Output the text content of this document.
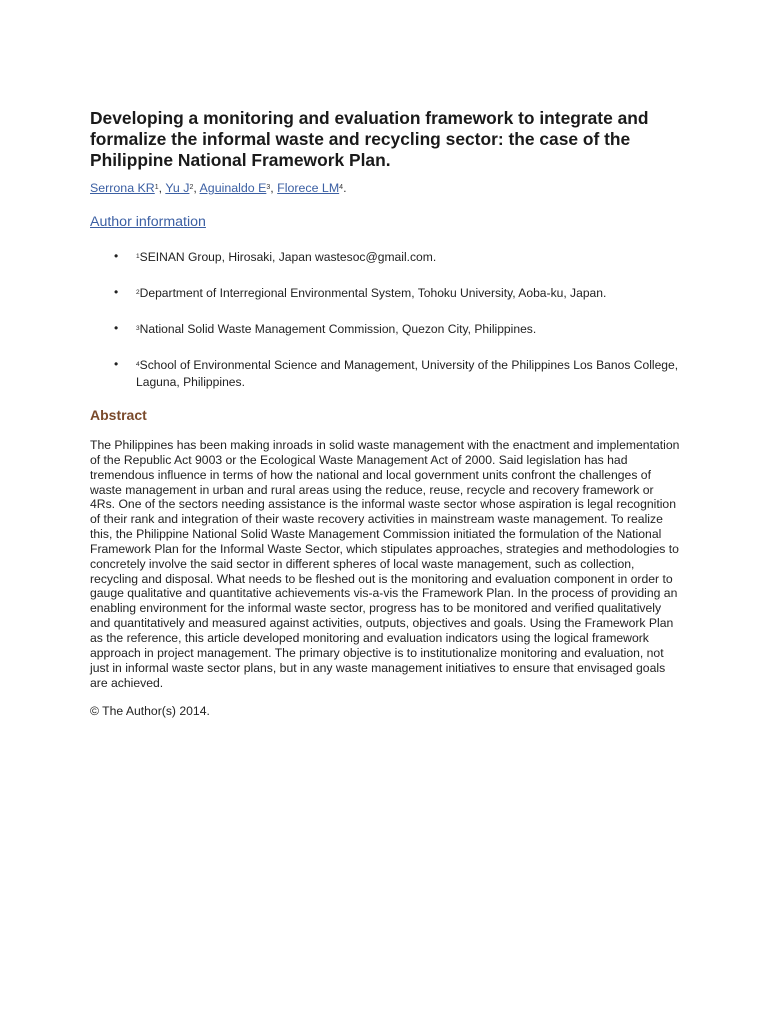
Developing a monitoring and evaluation framework to integrate and formalize the informal waste and recycling sector: the case of the Philippine National Framework Plan.
Serrona $KR^1$, Yu $J^2$, Aguinaldo $E^3$, Florece $LM^4$.
Author information
•	$^1$SEINAN Group, Hirosaki, Japan wastesoc@gmail.com.
•	$^2$Department of Interregional Environmental System, Tohoku University, Aoba-ku, Japan.
•	$^3$National Solid Waste Management Commission, Quezon City, Philippines.
•	$^4$School of Environmental Science and Management, University of the Philippines Los Banos College, Laguna, Philippines.
Abstract
The Philippines has been making inroads in solid waste management with the enactment and implementation of the Republic Act 9003 or the Ecological Waste Management Act of 2000. Said legislation has had tremendous influence in terms of how the national and local government units confront the challenges of waste management in urban and rural areas using the reduce, reuse, recycle and recovery framework or 4Rs. One of the sectors needing assistance is the informal waste sector whose aspiration is legal recognition of their rank and integration of their waste recovery activities in mainstream waste management. To realize this, the Philippine National Solid Waste Management Commission initiated the formulation of the National Framework Plan for the Informal Waste Sector, which stipulates approaches, strategies and methodologies to concretely involve the said sector in different spheres of local waste management, such as collection, recycling and disposal. What needs to be fleshed out is the monitoring and evaluation component in order to gauge qualitative and quantitative achievements vis-a-vis the Framework Plan. In the process of providing an enabling environment for the informal waste sector, progress has to be monitored and verified qualitatively and quantitatively and measured against activities, outputs, objectives and goals. Using the Framework Plan as the reference, this article developed monitoring and evaluation indicators using the logical framework approach in project management. The primary objective is to institutionalize monitoring and evaluation, not just in informal waste sector plans, but in any waste management initiatives to ensure that envisaged goals are achieved.
© The Author(s) 2014.
